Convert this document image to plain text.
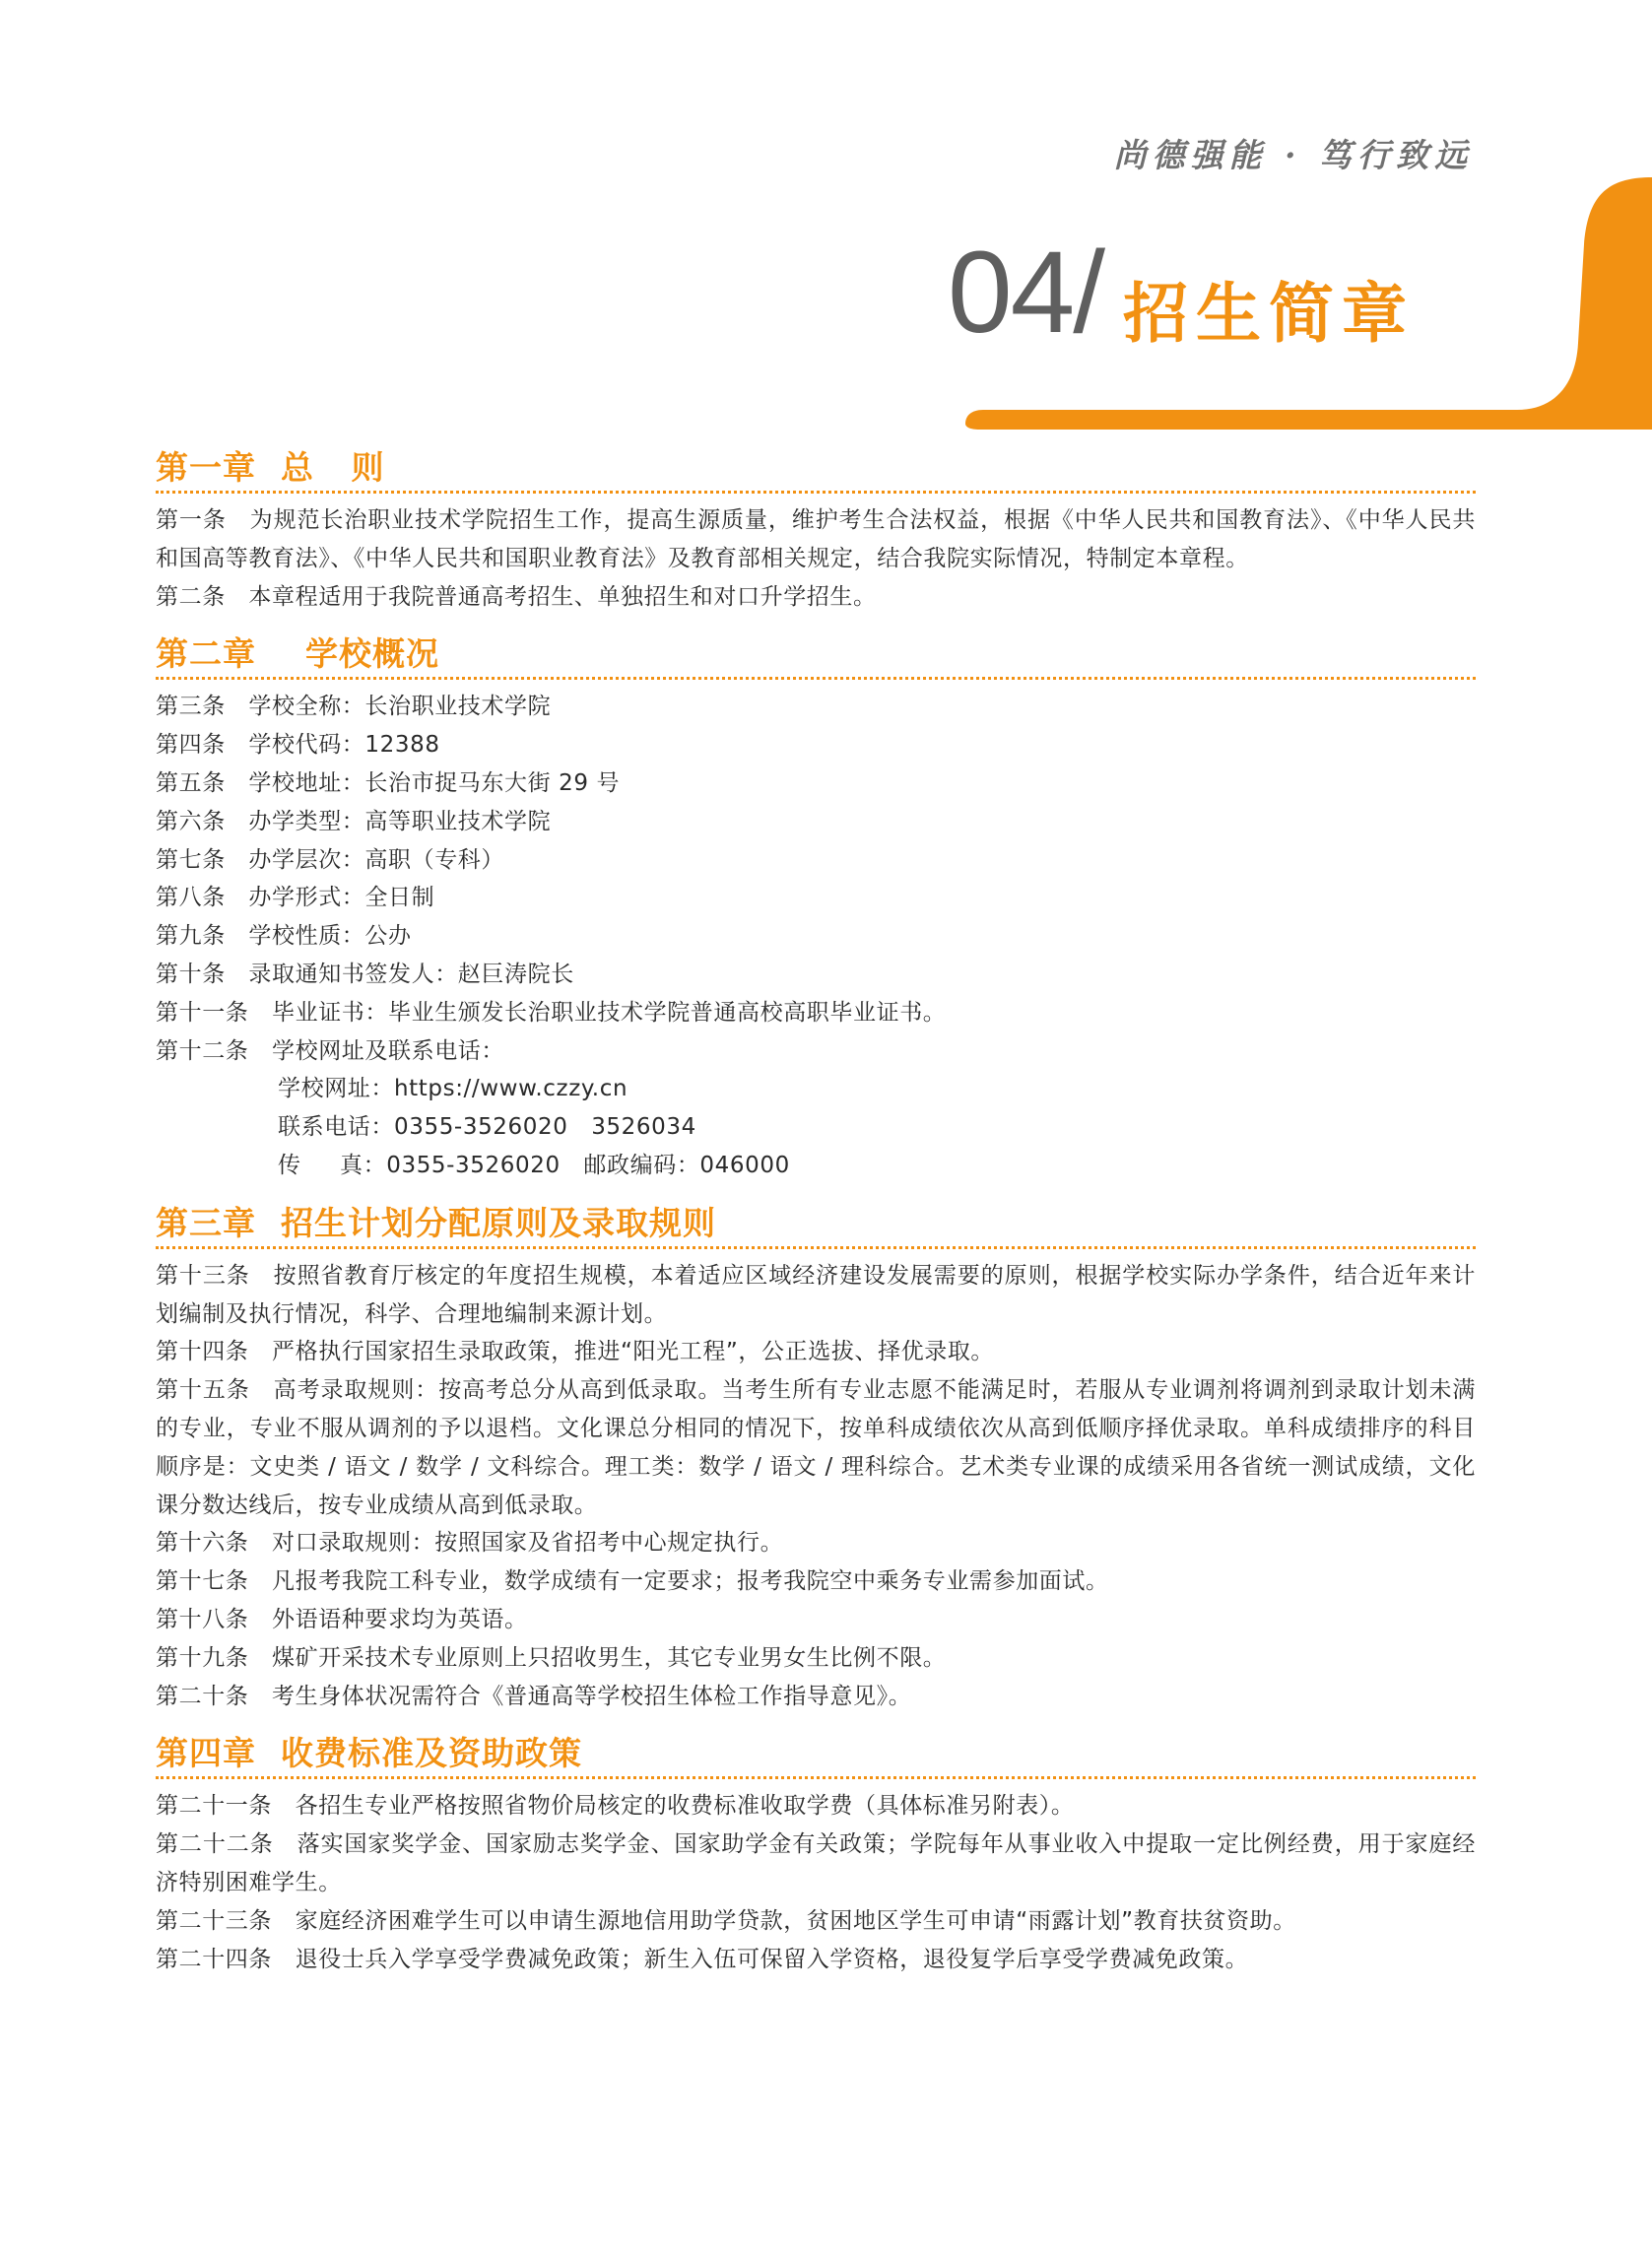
尚德强能 · 笃行致远
04/ 招生简章
第一章  总   则
第一条　为规范长治职业技术学院招生工作，提高生源质量，维护考生合法权益，根据《中华人民共和国教育法》、《中华人民共和国高等教育法》、《中华人民共和国职业教育法》及教育部相关规定，结合我院实际情况，特制定本章程。
第二条　本章程适用于我院普通高考招生、单独招生和对口升学招生。
第二章    学校概况
第三条　学校全称：长治职业技术学院
第四条　学校代码：12388
第五条　学校地址：长治市捉马东大街 29 号
第六条　办学类型：高等职业技术学院
第七条　办学层次：高职（专科）
第八条　办学形式：全日制
第九条　学校性质：公办
第十条　录取通知书签发人：赵巨涛院长
第十一条　毕业证书：毕业生颁发长治职业技术学院普通高校高职毕业证书。
第十二条　学校网址及联系电话：
学校网址：https://www.czzy.cn
联系电话：0355-3526020   3526034
传　  真：0355-3526020   邮政编码：046000
第三章  招生计划分配原则及录取规则
第十三条　按照省教育厅核定的年度招生规模，本着适应区域经济建设发展需要的原则，根据学校实际办学条件，结合近年来计划编制及执行情况，科学、合理地编制来源计划。
第十四条　严格执行国家招生录取政策，推进“阳光工程”，公正选拔、择优录取。
第十五条　高考录取规则：按高考总分从高到低录取。当考生所有专业志愿不能满足时，若服从专业调剂将调剂到录取计划未满的专业，专业不服从调剂的予以退档。文化课总分相同的情况下，按单科成绩依次从高到低顺序择优录取。单科成绩排序的科目顺序是：文史类 / 语文 / 数学 / 文科综合。理工类：数学 / 语文 / 理科综合。艺术类专业课的成绩采用各省统一测试成绩，文化课分数达线后，按专业成绩从高到低录取。
第十六条　对口录取规则：按照国家及省招考中心规定执行。
第十七条　凡报考我院工科专业，数学成绩有一定要求；报考我院空中乘务专业需参加面试。
第十八条　外语语种要求均为英语。
第十九条　煤矿开采技术专业原则上只招收男生，其它专业男女生比例不限。
第二十条　考生身体状况需符合《普通高等学校招生体检工作指导意见》。
第四章  收费标准及资助政策
第二十一条　各招生专业严格按照省物价局核定的收费标准收取学费（具体标准另附表）。
第二十二条　落实国家奖学金、国家励志奖学金、国家助学金有关政策；学院每年从事业收入中提取一定比例经费，用于家庭经济特别困难学生。
第二十三条　家庭经济困难学生可以申请生源地信用助学贷款，贫困地区学生可申请“雨露计划”教育扶贫资助。
第二十四条　退役士兵入学享受学费减免政策；新生入伍可保留入学资格，退役复学后享受学费减免政策。
